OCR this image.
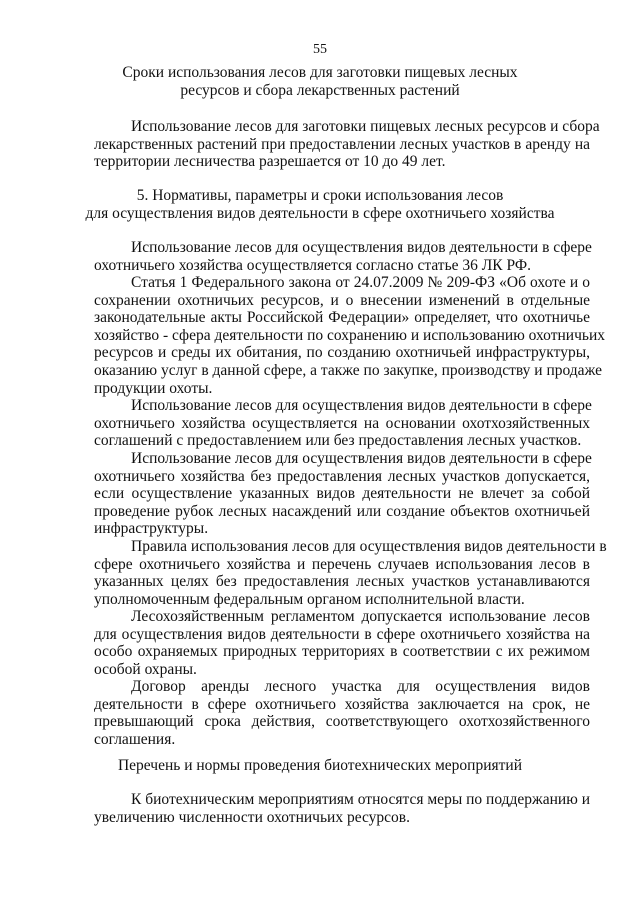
55
Сроки использования лесов для заготовки пищевых лесных
ресурсов и сбора лекарственных растений
Использование лесов для заготовки пищевых лесных ресурсов и сбора
лекарственных растений при предоставлении лесных участков в аренду на
территории лесничества разрешается от 10 до 49 лет.
5. Нормативы, параметры и сроки использования лесов
для осуществления видов деятельности в сфере охотничьего хозяйства
Использование лесов для осуществления видов деятельности в сфере
охотничьего хозяйства осуществляется согласно статье 36 ЛК РФ.
Статья 1 Федерального закона от 24.07.2009 № 209-ФЗ «Об охоте и о
сохранении охотничьих ресурсов, и о внесении изменений в отдельные
законодательные акты Российской Федерации» определяет, что охотничье
хозяйство - сфера деятельности по сохранению и использованию охотничьих
ресурсов и среды их обитания, по созданию охотничьей инфраструктуры,
оказанию услуг в данной сфере, а также по закупке, производству и продаже
продукции охоты.
Использование лесов для осуществления видов деятельности в сфере
охотничьего хозяйства осуществляется на основании охотхозяйственных
соглашений с предоставлением или без предоставления лесных участков.
Использование лесов для осуществления видов деятельности в сфере
охотничьего хозяйства без предоставления лесных участков допускается,
если осуществление указанных видов деятельности не влечет за собой
проведение рубок лесных насаждений или создание объектов охотничьей
инфраструктуры.
Правила использования лесов для осуществления видов деятельности в
сфере охотничьего хозяйства и перечень случаев использования лесов в
указанных целях без предоставления лесных участков устанавливаются
уполномоченным федеральным органом исполнительной власти.
Лесохозяйственным регламентом допускается использование лесов
для осуществления видов деятельности в сфере охотничьего хозяйства на
особо охраняемых природных территориях в соответствии с их режимом
особой охраны.
Договор аренды лесного участка для осуществления видов
деятельности в сфере охотничьего хозяйства заключается на срок, не
превышающий срока действия, соответствующего охотхозяйственного
соглашения.
Перечень и нормы проведения биотехнических мероприятий
К биотехническим мероприятиям относятся меры по поддержанию и
увеличению численности охотничьих ресурсов.
